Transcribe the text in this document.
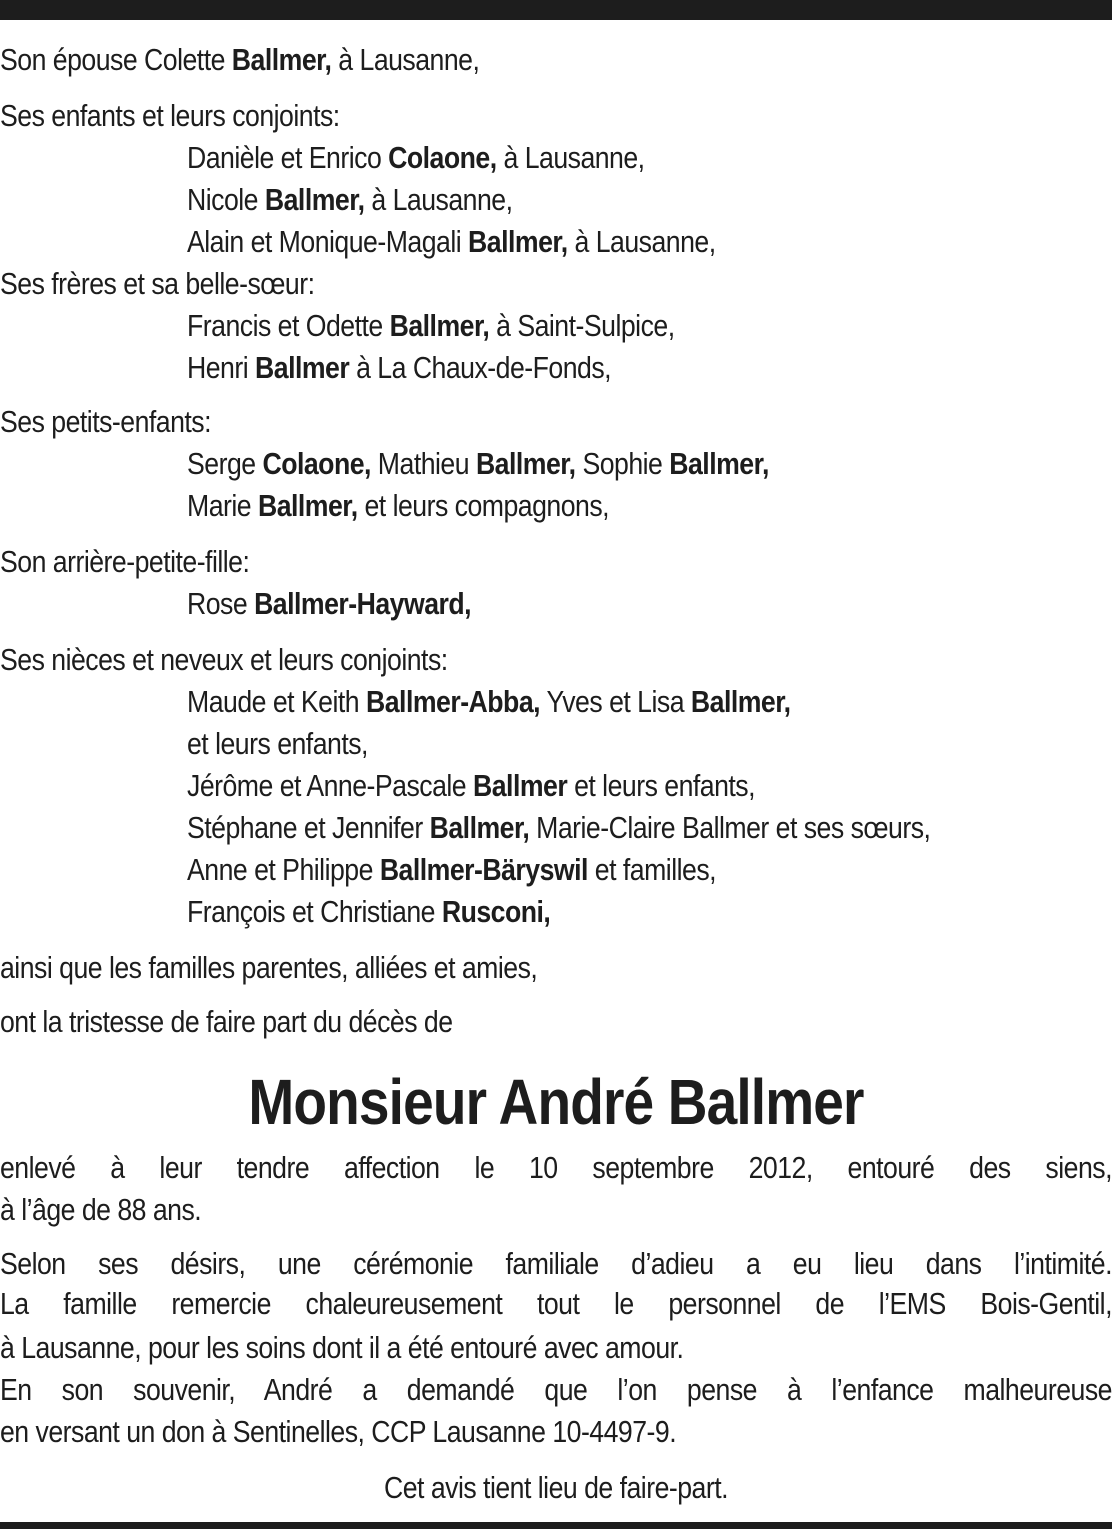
Son épouse Colette Ballmer, à Lausanne,
Ses enfants et leurs conjoints:
Danièle et Enrico Colaone, à Lausanne,
Nicole Ballmer, à Lausanne,
Alain et Monique-Magali Ballmer, à Lausanne,
Ses frères et sa belle-sœur:
Francis et Odette Ballmer, à Saint-Sulpice,
Henri Ballmer à La Chaux-de-Fonds,
Ses petits-enfants:
Serge Colaone, Mathieu Ballmer, Sophie Ballmer,
Marie Ballmer, et leurs compagnons,
Son arrière-petite-fille:
Rose Ballmer-Hayward,
Ses nièces et neveux et leurs conjoints:
Maude et Keith Ballmer-Abba, Yves et Lisa Ballmer,
et leurs enfants,
Jérôme et Anne-Pascale Ballmer et leurs enfants,
Stéphane et Jennifer Ballmer, Marie-Claire Ballmer et ses sœurs,
Anne et Philippe Ballmer-Bäryswil et familles,
François et Christiane Rusconi,
ainsi que les familles parentes, alliées et amies,
ont la tristesse de faire part du décès de
Monsieur André Ballmer
enlevé à leur tendre affection le 10 septembre 2012, entouré des siens,
à l’âge de 88 ans.
Selon ses désirs, une cérémonie familiale d’adieu a eu lieu dans l’intimité.
La famille remercie chaleureusement tout le personnel de l’EMS Bois-Gentil,
à Lausanne, pour les soins dont il a été entouré avec amour.
En son souvenir, André a demandé que l’on pense à l’enfance malheureuse
en versant un don à Sentinelles, CCP Lausanne 10-4497-9.
Cet avis tient lieu de faire-part.
